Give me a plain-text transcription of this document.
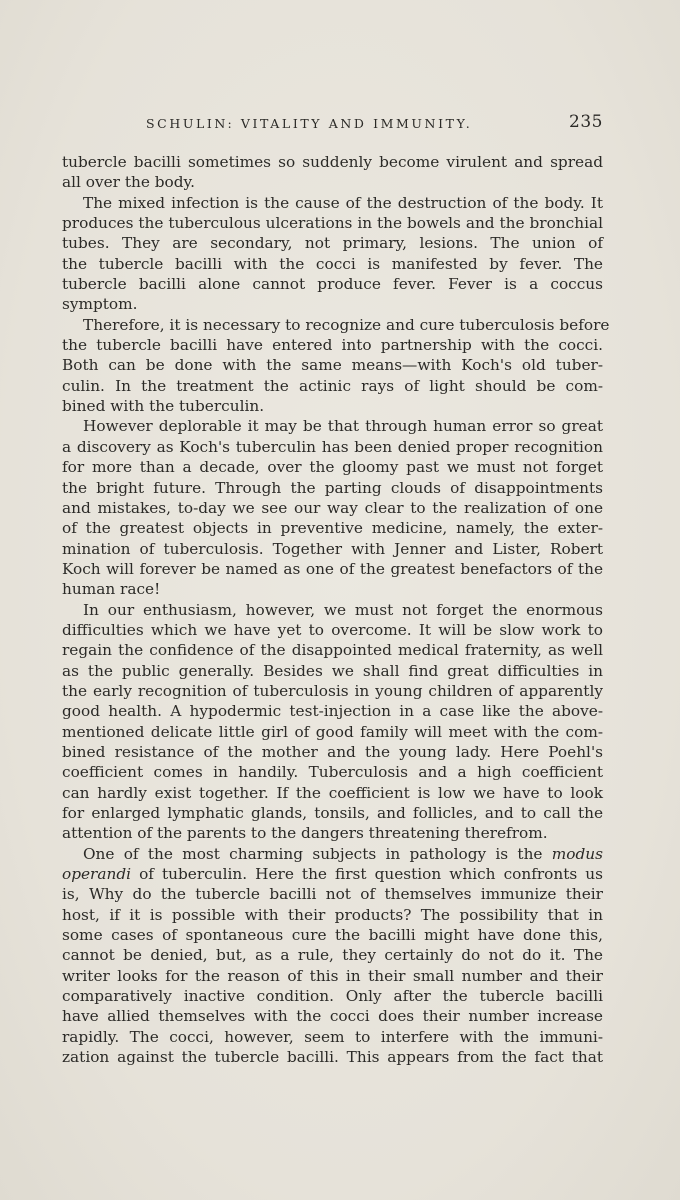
SCHULIN: VITALITY AND IMMUNITY.	235
tubercle bacilli sometimes so suddenly become virulent and spread
all over the body.
The mixed infection is the cause of the destruction of the body. It
produces the tuberculous ulcerations in the bowels and the bronchial
tubes. They are secondary, not primary, lesions. The union of
the tubercle bacilli with the cocci is manifested by fever. The
tubercle bacilli alone cannot produce fever. Fever is a coccus
symptom.
Therefore, it is necessary to recognize and cure tuberculosis before
the tubercle bacilli have entered into partnership with the cocci.
Both can be done with the same means—with Koch's old tuber-
culin. In the treatment the actinic rays of light should be com-
bined with the tuberculin.
However deplorable it may be that through human error so great
a discovery as Koch's tuberculin has been denied proper recognition
for more than a decade, over the gloomy past we must not forget
the bright future. Through the parting clouds of disappointments
and mistakes, to-day we see our way clear to the realization of one
of the greatest objects in preventive medicine, namely, the exter-
mination of tuberculosis. Together with Jenner and Lister, Robert
Koch will forever be named as one of the greatest benefactors of the
human race!
In our enthusiasm, however, we must not forget the enormous
difficulties which we have yet to overcome. It will be slow work to
regain the confidence of the disappointed medical fraternity, as well
as the public generally. Besides we shall find great difficulties in
the early recognition of tuberculosis in young children of apparently
good health. A hypodermic test-injection in a case like the above-
mentioned delicate little girl of good family will meet with the com-
bined resistance of the mother and the young lady. Here Poehl's
coefficient comes in handily. Tuberculosis and a high coefficient
can hardly exist together. If the coefficient is low we have to look
for enlarged lymphatic glands, tonsils, and follicles, and to call the
attention of the parents to the dangers threatening therefrom.
One of the most charming subjects in pathology is the modus
operandi of tuberculin. Here the first question which confronts us
is, Why do the tubercle bacilli not of themselves immunize their
host, if it is possible with their products? The possibility that in
some cases of spontaneous cure the bacilli might have done this,
cannot be denied, but, as a rule, they certainly do not do it. The
writer looks for the reason of this in their small number and their
comparatively inactive condition. Only after the tubercle bacilli
have allied themselves with the cocci does their number increase
rapidly. The cocci, however, seem to interfere with the immuni-
zation against the tubercle bacilli. This appears from the fact that
